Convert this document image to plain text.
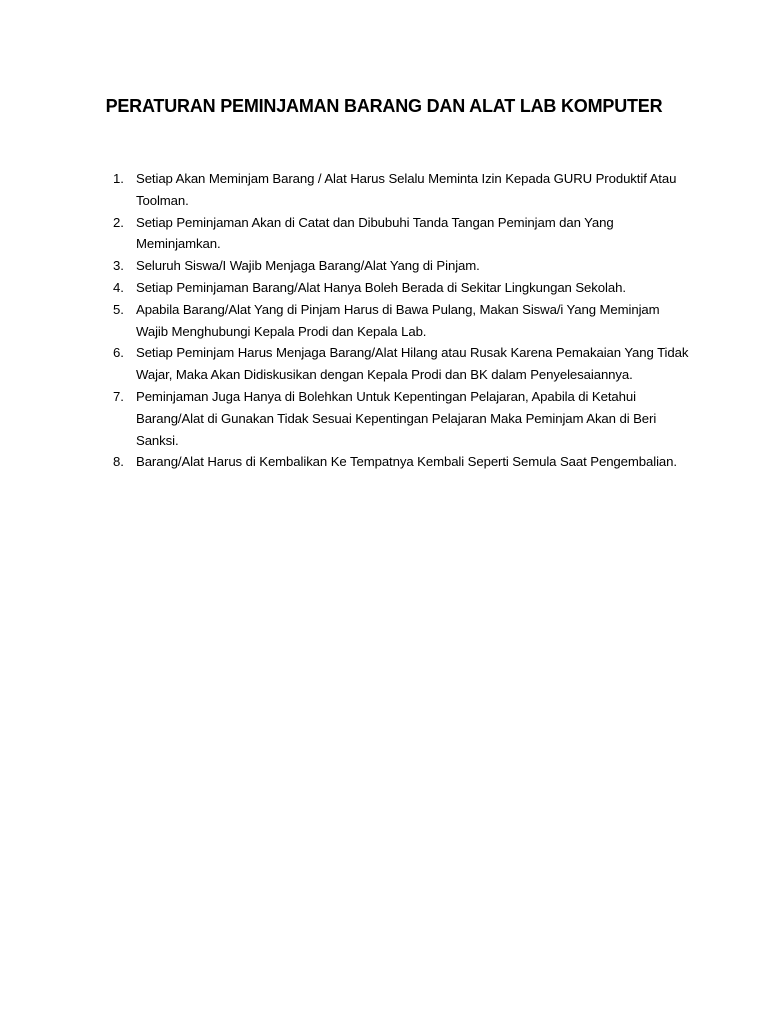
PERATURAN PEMINJAMAN BARANG DAN ALAT LAB KOMPUTER
1. Setiap Akan Meminjam Barang / Alat Harus Selalu Meminta Izin Kepada GURU Produktif Atau Toolman.
2. Setiap Peminjaman Akan di Catat dan Dibubuhi Tanda Tangan Peminjam dan Yang Meminjamkan.
3. Seluruh Siswa/I Wajib Menjaga Barang/Alat Yang di Pinjam.
4. Setiap Peminjaman Barang/Alat Hanya Boleh Berada di Sekitar Lingkungan Sekolah.
5. Apabila Barang/Alat Yang di Pinjam Harus di Bawa Pulang, Makan Siswa/i Yang Meminjam Wajib Menghubungi Kepala Prodi dan Kepala Lab.
6. Setiap Peminjam Harus Menjaga Barang/Alat Hilang atau Rusak Karena Pemakaian Yang Tidak Wajar, Maka Akan Didiskusikan dengan Kepala Prodi dan BK dalam Penyelesaiannya.
7. Peminjaman Juga Hanya di Bolehkan Untuk Kepentingan Pelajaran, Apabila di Ketahui Barang/Alat di Gunakan Tidak Sesuai Kepentingan Pelajaran Maka Peminjam Akan di Beri Sanksi.
8. Barang/Alat Harus di Kembalikan Ke Tempatnya Kembali Seperti Semula Saat Pengembalian.
